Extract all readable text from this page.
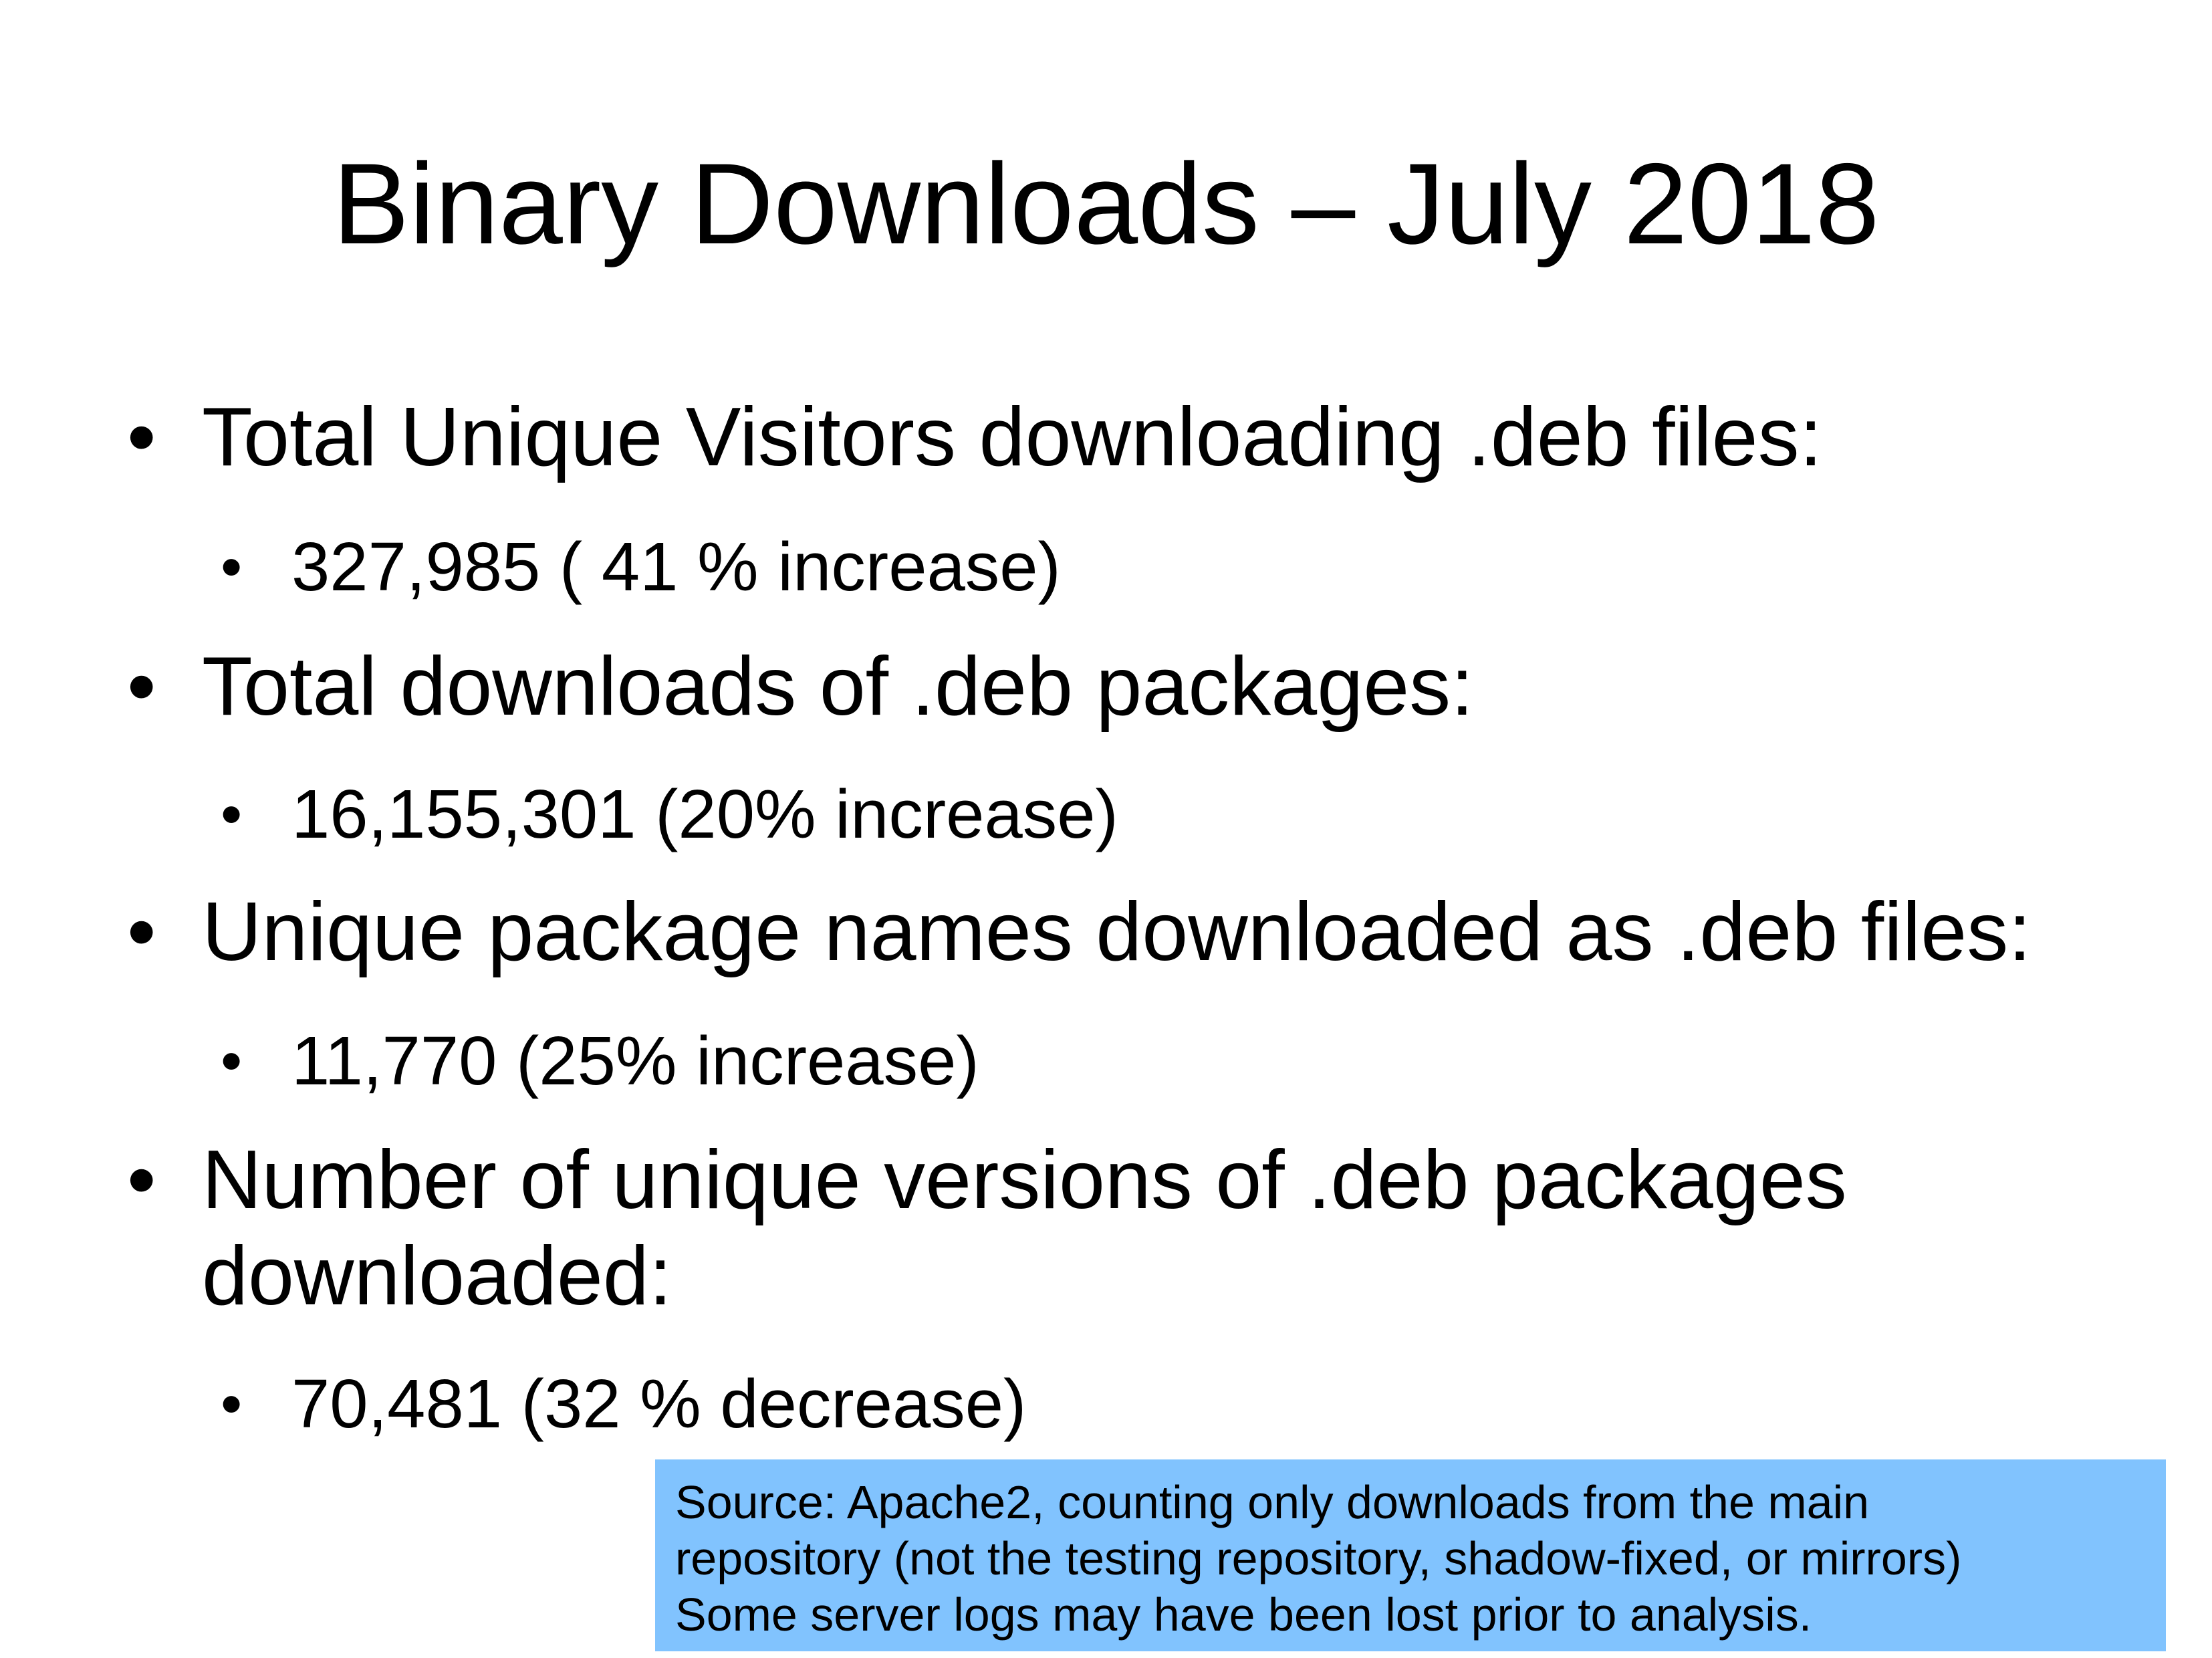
Binary Downloads – July 2018
• Total Unique Visitors downloading .deb files:
• 327,985 ( 41 % increase)
• Total downloads of .deb packages:
• 16,155,301 (20% increase)
• Unique package names downloaded as .deb files:
• 11,770 (25% increase)
• Number of unique versions of .deb packages
downloaded:
• 70,481 (32 % decrease)
Source: Apache2, counting only downloads from the main
repository (not the testing repository, shadow-fixed, or mirrors)
Some server logs may have been lost prior to analysis.
